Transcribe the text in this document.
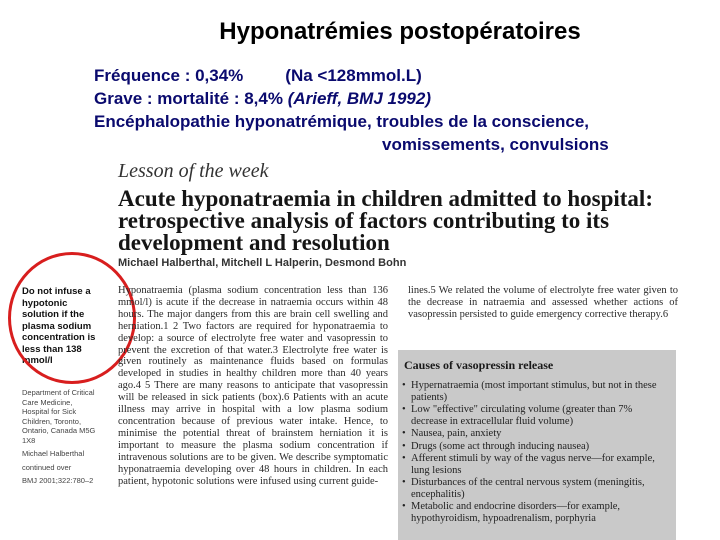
Hyponatrémies postopératoires
Fréquence : 0,34% (Na <128mmol.L)
Grave : mortalité : 8,4% (Arieff, BMJ 1992)
Encéphalopathie hyponatrémique, troubles de la conscience,
vomissements, convulsions
Lesson of the week
Acute hyponatraemia in children admitted to hospital:
retrospective analysis of factors contributing to its
development and resolution
Michael Halberthal, Mitchell L Halperin, Desmond Bohn
Do not infuse a hypotonic solution if the plasma sodium concentration is less than 138 mmol/l

Department of Critical Care Medicine, Hospital for Sick Children, Toronto, Ontario, Canada M5G 1X8

Michael Halberthal

continued over

BMJ 2001;322:780–2

Hyponatraemia (plasma sodium concentration less than 136 mmol/l) is acute if the decrease in natraemia occurs within 48 hours. The major dangers from this are brain cell swelling and herniation.1 2 Two factors are required for hyponatraemia to develop: a source of electrolyte free water and vasopressin to prevent the excretion of that water.3 Electrolyte free water is given routinely as maintenance fluids based on formulas developed in studies in healthy children more than 40 years ago.4 5 There are many reasons to anticipate that vasopressin will be released in sick patients (box).6 Patients with an acute illness may arrive in hospital with a low plasma sodium concentration because of previous water intake. Hence, to minimise the potential threat of brainstem herniation it is important to measure the plasma sodium concentration if intravenous solutions are to be given. We describe symptomatic hyponatraemia developing over 48 hours in children. In each patient, hypotonic solutions were infused using current guide-
lines.5 We related the volume of electrolyte free water given to the decrease in natraemia and assessed whether actions of vasopressin persisted to guide emergency corrective therapy.6
Causes of vasopressin release
• Hypernatraemia (most important stimulus, but not in these patients)
• Low "effective" circulating volume (greater than 7% decrease in extracellular fluid volume)
• Nausea, pain, anxiety
• Drugs (some act through inducing nausea)
• Afferent stimuli by way of the vagus nerve—for example, lung lesions
• Disturbances of the central nervous system (meningitis, encephalitis)
• Metabolic and endocrine disorders—for example, hypothyroidism, hypoadrenalism, porphyria
